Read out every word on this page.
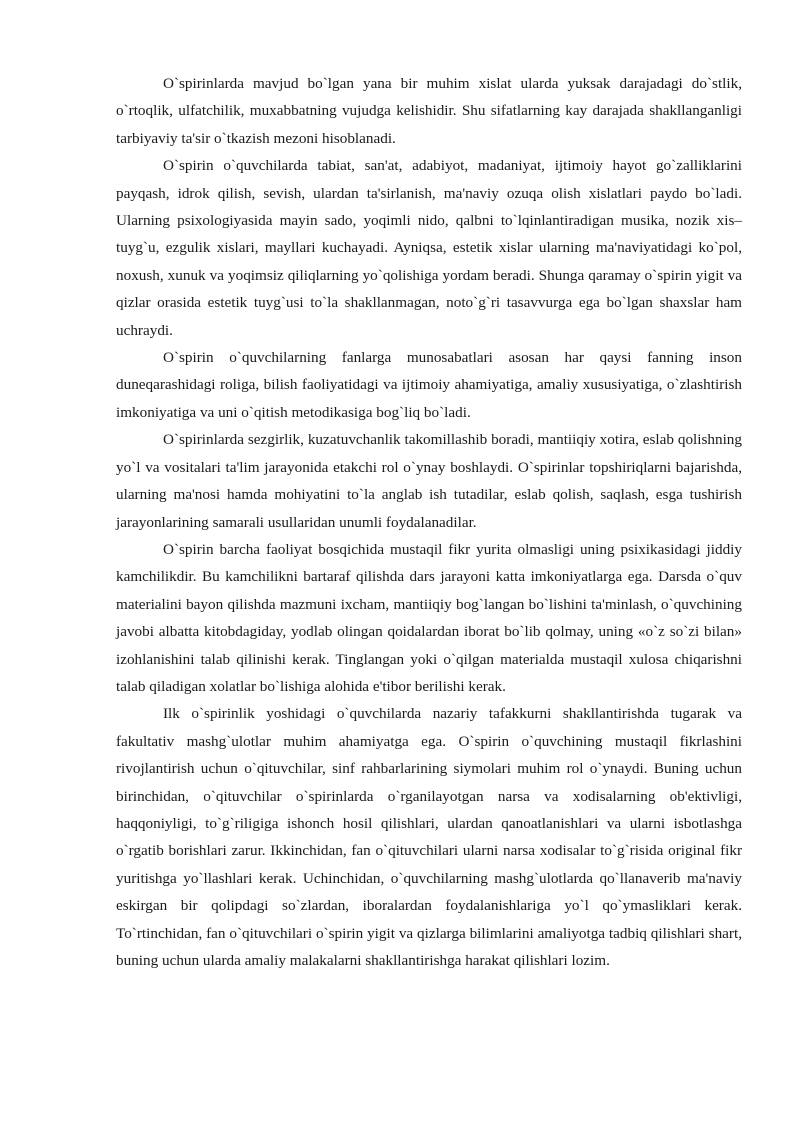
O`spirinlarda mavjud bo`lgan yana bir muhim xislat ularda yuksak darajadagi do`stlik, o`rtoqlik, ulfatchilik, muxabbatning vujudga kelishidir. Shu sifatlarning kay darajada shakllanganligi tarbiyaviy ta'sir o`tkazish mezoni hisoblanadi.

O`spirin o`quvchilarda tabiat, san'at, adabiyot, madaniyat, ijtimoiy hayot go`zalliklarini payqash, idrok qilish, sevish, ulardan ta'sirlanish, ma'naviy ozuqa olish xislatlari paydo bo`ladi. Ularning psixologiyasida mayin sado, yoqimli nido, qalbni to`lqinlantiradigan musika, nozik xis–tuyg`u, ezgulik xislari, mayllari kuchayadi. Ayniqsa, estetik xislar ularning ma'naviyatidagi ko`pol, noxush, xunuk va yoqimsiz qiliqlarning yo`qolishiga yordam beradi. Shunga qaramay o`spirin yigit va qizlar orasida estetik tuyg`usi to`la shakllanmagan, noto`g`ri tasavvurga ega bo`lgan shaxslar ham uchraydi.

O`spirin o`quvchilarning fanlarga munosabatlari asosan har qaysi fanning inson duneqarashidagi roliga, bilish faoliyatidagi va ijtimoiy ahamiyatiga, amaliy xususiyatiga, o`zlashtirish imkoniyatiga va uni o`qitish metodikasiga bog`liq bo`ladi.

O`spirinlarda sezgirlik, kuzatuvchanlik takomillashib boradi, mantiiqiy xotira, eslab qolishning yo`l va vositalari ta'lim jarayonida etakchi rol o`ynay boshlaydi. O`spirinlar topshiriqlarni bajarishda, ularning ma'nosi hamda mohiyatini to`la anglab ish tutadilar, eslab qolish, saqlash, esga tushirish jarayonlarining samarali usullaridan unumli foydalanadilar.

O`spirin barcha faoliyat bosqichida mustaqil fikr yurita olmasligi uning psixikasidagi jiddiy kamchilikdir. Bu kamchilikni bartaraf qilishda dars jarayoni katta imkoniyatlarga ega. Darsda o`quv materialini bayon qilishda mazmuni ixcham, mantiiqiy bog`langan bo`lishini ta'minlash, o`quvchining javobi albatta kitobdagiday, yodlab olingan qoidalardan iborat bo`lib qolmay, uning «o`z so`zi bilan» izohlanishini talab qilinishi kerak. Tinglangan yoki o`qilgan materialda mustaqil xulosa chiqarishni talab qiladigan xolatlar bo`lishiga alohida e'tibor berilishi kerak.

Ilk o`spirinlik yoshidagi o`quvchilarda nazariy tafakkurni shakllantirishda tugarak va fakultativ mashg`ulotlar muhim ahamiyatga ega. O`spirin o`quvchining mustaqil fikrlashini rivojlantirish uchun o`qituvchilar, sinf rahbarlarining siymolari muhim rol o`ynaydi. Buning uchun birinchidan, o`qituvchilar o`spirinlarda o`rganilayotgan narsa va xodisalarning ob'ektivligi, haqqoniyligi, to`g`riligiga ishonch hosil qilishlari, ulardan qanoatlanishlari va ularni isbotlashga o`rgatib borishlari zarur. Ikkinchidan, fan o`qituvchilari ularni narsa xodisalar to`g`risida original fikr yuritishga yo`llashlari kerak. Uchinchidan, o`quvchilarning mashg`ulotlarda qo`llanaverib ma'naviy eskirgan bir qolipdagi so`zlardan, iboralardan foydalanishlariga yo`l qo`ymasliklari kerak. To`rtinchidan, fan o`qituvchilari o`spirin yigit va qizlarga bilimlarini amaliyotga tadbiq qilishlari shart, buning uchun ularda amaliy malakalarni shakllantirishga harakat qilishlari lozim.
